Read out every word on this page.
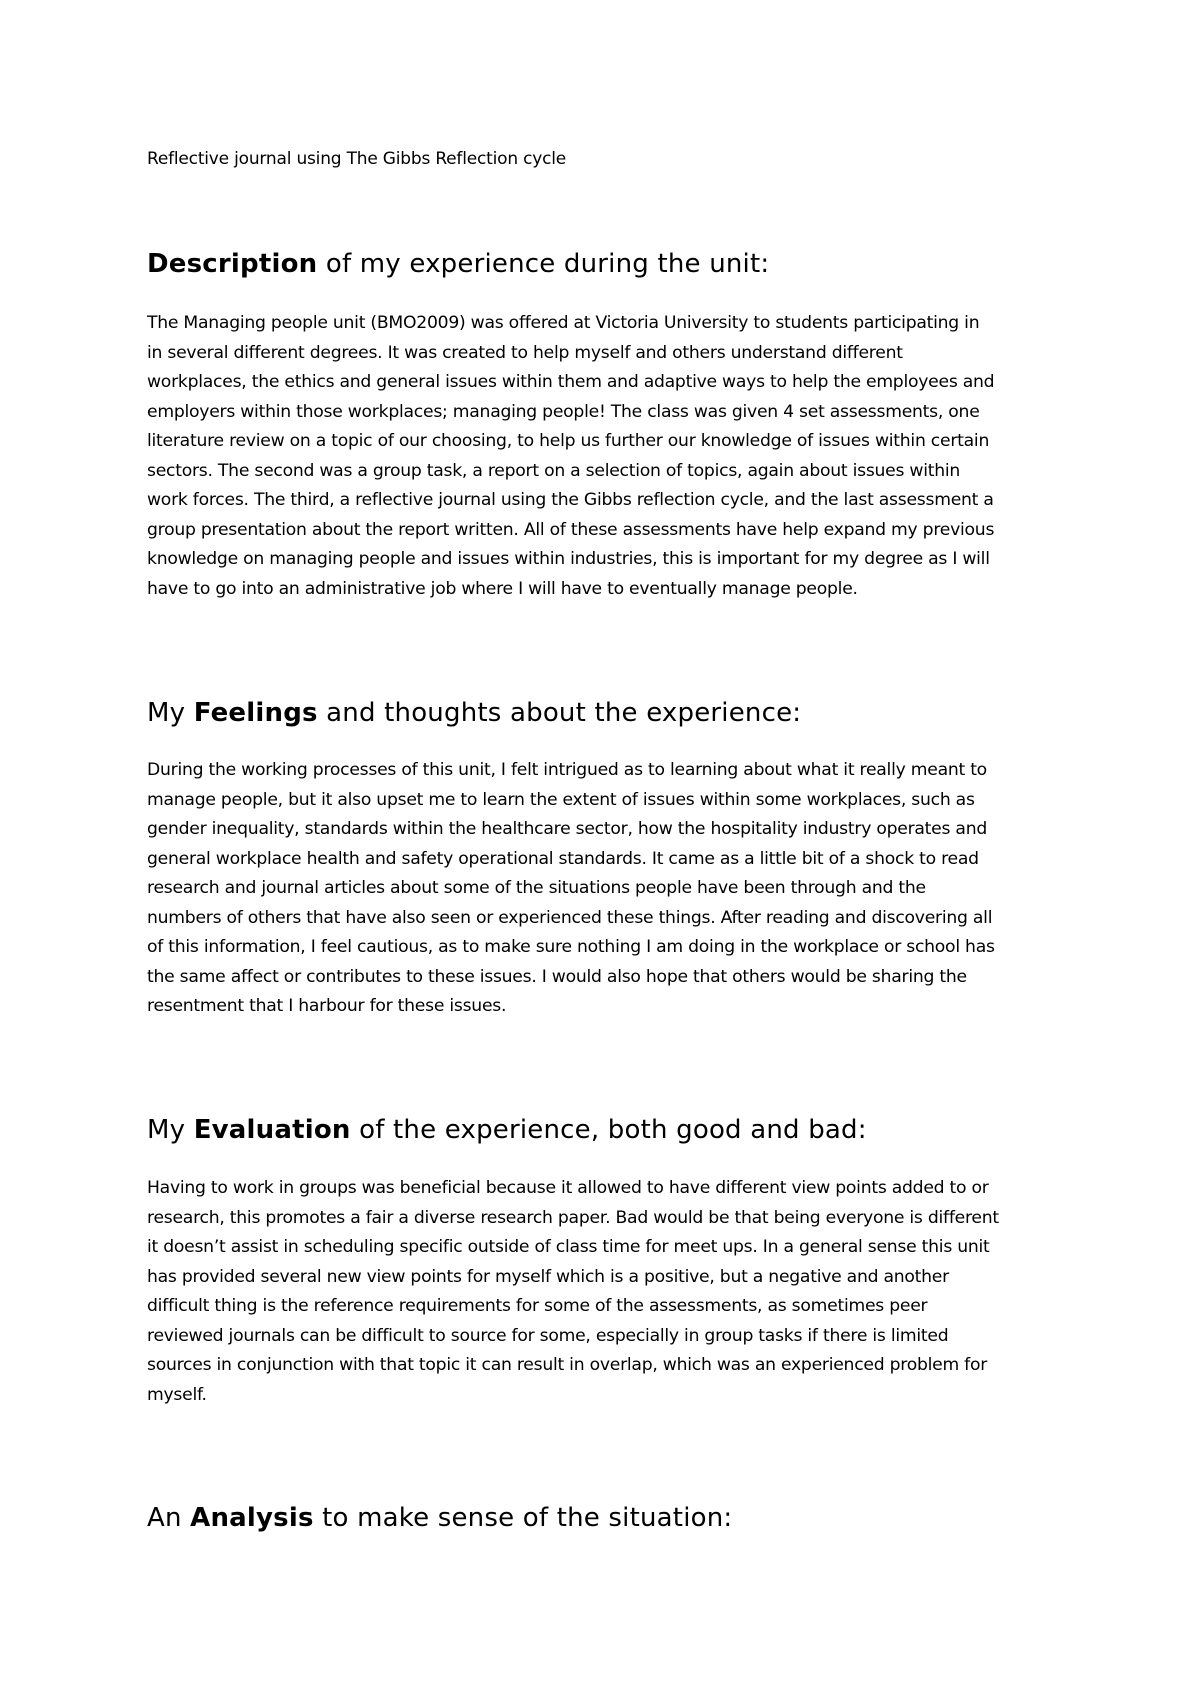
Reflective journal using The Gibbs Reflection cycle

Description of my experience during the unit:
The Managing people unit (BMO2009) was offered at Victoria University to students participating in
in several different degrees. It was created to help myself and others understand different
workplaces, the ethics and general issues within them and adaptive ways to help the employees and
employers within those workplaces; managing people! The class was given 4 set assessments, one
literature review on a topic of our choosing, to help us further our knowledge of issues within certain
sectors. The second was a group task, a report on a selection of topics, again about issues within
work forces. The third, a reflective journal using the Gibbs reflection cycle, and the last assessment a
group presentation about the report written. All of these assessments have help expand my previous
knowledge on managing people and issues within industries, this is important for my degree as I will
have to go into an administrative job where I will have to eventually manage people.
My Feelings and thoughts about the experience:
During the working processes of this unit, I felt intrigued as to learning about what it really meant to
manage people, but it also upset me to learn the extent of issues within some workplaces, such as
gender inequality, standards within the healthcare sector, how the hospitality industry operates and
general workplace health and safety operational standards. It came as a little bit of a shock to read
research and journal articles about some of the situations people have been through and the
numbers of others that have also seen or experienced these things. After reading and discovering all
of this information, I feel cautious, as to make sure nothing I am doing in the workplace or school has
the same affect or contributes to these issues. I would also hope that others would be sharing the
resentment that I harbour for these issues.
My Evaluation of the experience, both good and bad:
Having to work in groups was beneficial because it allowed to have different view points added to or
research, this promotes a fair a diverse research paper. Bad would be that being everyone is different
it doesn’t assist in scheduling specific outside of class time for meet ups. In a general sense this unit
has provided several new view points for myself which is a positive, but a negative and another
difficult thing is the reference requirements for some of the assessments, as sometimes peer
reviewed journals can be difficult to source for some, especially in group tasks if there is limited
sources in conjunction with that topic it can result in overlap, which was an experienced problem for
myself.
An Analysis to make sense of the situation:
